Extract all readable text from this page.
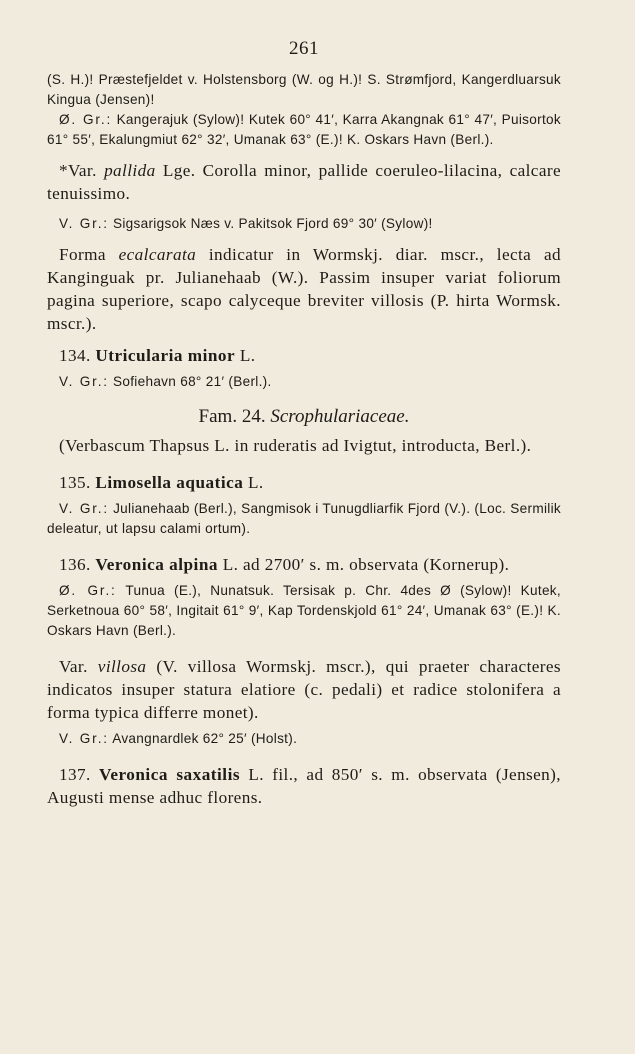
261

(S. H.)! Præstefjeldet v. Holstensborg (W. og H.)! S. Strømfjord, Kangerdluarsuk Kingua (Jensen)!

Ø. Gr.: Kangerajuk (Sylow)! Kutek 60° 41′, Karra Akangnak 61° 47′, Puisortok 61° 55′, Ekalungmiut 62° 32′, Umanak 63° (E.)! K. Oskars Havn (Berl.).

*Var. pallida Lge. Corolla minor, pallide coeruleo-lilacina, calcare tenuissimo.

V. Gr.: Sigsarigsok Næs v. Pakitsok Fjord 69° 30′ (Sylow)!

Forma ecalcarata indicatur in Wormskj. diar. mscr., lecta ad Kanginguak pr. Julianehaab (W.). Passim insuper variat foliorum pagina superiore, scapo calyceque breviter villosis (P. hirta Wormsk. mscr.).

134. Utricularia minor L.

V. Gr.: Sofiehavn 68° 21′ (Berl.).

Fam. 24. Scrophulariaceae.

(Verbascum Thapsus L. in ruderatis ad Ivigtut, introducta, Berl.).

135. Limosella aquatica L.

V. Gr.: Julianehaab (Berl.), Sangmisok i Tunugdliarfik Fjord (V.). (Loc. Sermilik deleatur, ut lapsu calami ortum).

136. Veronica alpina L. ad 2700′ s. m. observata (Kornerup).

Ø. Gr.: Tunua (E.), Nunatsuk. Tersisak p. Chr. 4des Ø (Sylow)! Kutek, Serketnoua 60° 58′, Ingitait 61° 9′, Kap Tordenskjold 61° 24′, Umanak 63° (E.)! K. Oskars Havn (Berl.).

Var. villosa (V. villosa Wormskj. mscr.), qui praeter characteres indicatos insuper statura elatiore (c. pedali) et radice stolonifera a forma typica differre monet).

V. Gr.: Avangnardlek 62° 25′ (Holst).

137. Veronica saxatilis L. fil., ad 850′ s. m. observata (Jensen), Augusti mense adhuc florens.
